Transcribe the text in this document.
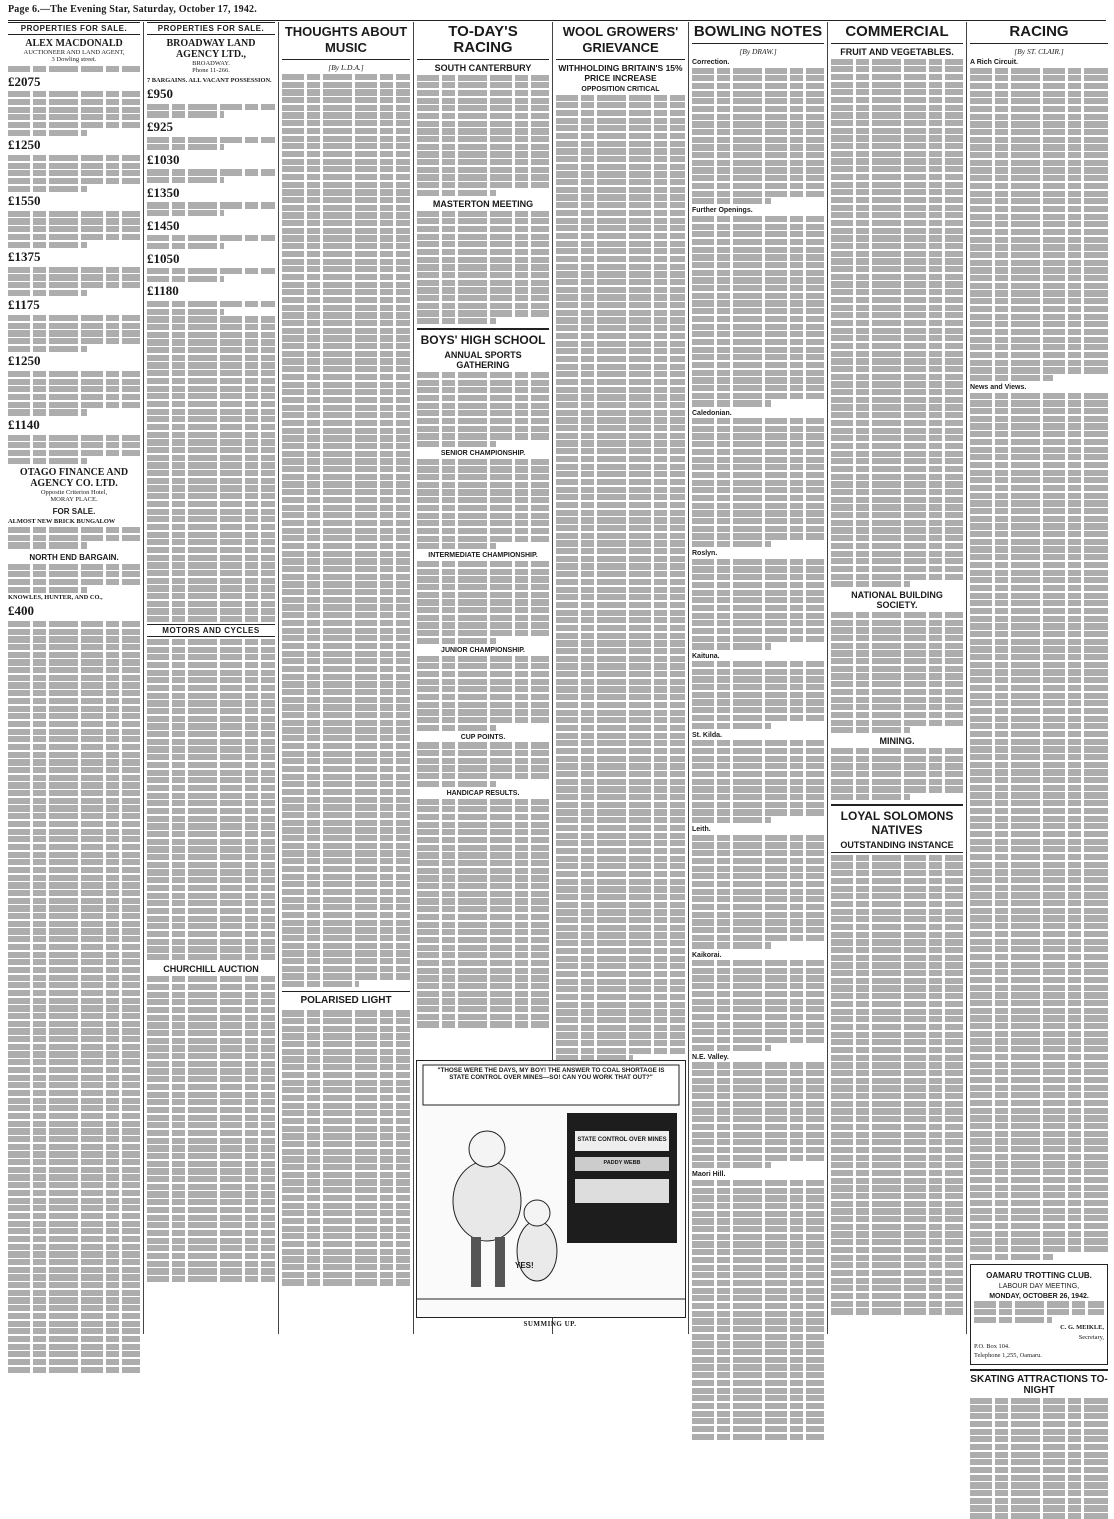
Page 6.—The Evening Star, Saturday, October 17, 1942.
PROPERTIES FOR SALE.
ALEX MACDONALD
AUCTIONEER AND LAND AGENT,
3 Dowling street.
£2075
£1250
£1550
£1375
£1175
£1250
£1140
OTAGO FINANCE AND AGENCY CO. LTD.
Opposite Criterion Hotel,
MORAY PLACE.
FOR SALE.
ALMOST NEW BRICK BUNGALOW
NORTH END BARGAIN.
KNOWLES, HUNTER, AND CO.,
£400
PROPERTIES FOR SALE.
BROADWAY LAND AGENCY LTD.,
BROADWAY.
Phone 11-266.
7 BARGAINS. ALL VACANT POSSESSION.
£950
£925
£1030
£1350
£1450
£1050
£1180
MOTORS AND CYCLES
CHURCHILL AUCTION
THOUGHTS ABOUT MUSIC
[By L.D.A.]
POLARISED LIGHT
TO-DAY'S RACING
SOUTH CANTERBURY
MASTERTON MEETING
BOYS' HIGH SCHOOL
ANNUAL SPORTS GATHERING
SENIOR CHAMPIONSHIP.
INTERMEDIATE CHAMPIONSHIP.
JUNIOR CHAMPIONSHIP.
CUP POINTS.
HANDICAP RESULTS.
WOOL GROWERS' GRIEVANCE
WITHHOLDING BRITAIN'S 15% PRICE INCREASE
OPPOSITION CRITICAL
"THOSE WERE THE DAYS, MY BOY! THE ANSWER TO COAL SHORTAGE IS STATE CONTROL OVER MINES—SO! CAN YOU WORK THAT OUT?"
STATE CONTROL OVER MINES
PADDY WEBB
YES!
SUMMING UP.
BOWLING NOTES
[By DRAW.]
Correction.
Further Openings.
Caledonian.
Roslyn.
Kaituna.
St. Kilda.
Leith.
Kaikorai.
N.E. Valley.
Maori Hill.
COMMERCIAL
FRUIT AND VEGETABLES.
NATIONAL BUILDING SOCIETY.
MINING.
LOYAL SOLOMONS NATIVES
OUTSTANDING INSTANCE
RACING
[By ST. CLAIR.]
A Rich Circuit.
News and Views.
OAMARU TROTTING CLUB.
LABOUR DAY MEETING,
MONDAY, OCTOBER 26, 1942.
C. G. MEIKLE,
Secretary,
P.O. Box 104.
Telephone 1,255, Oamaru.
SKATING ATTRACTIONS TO-NIGHT
